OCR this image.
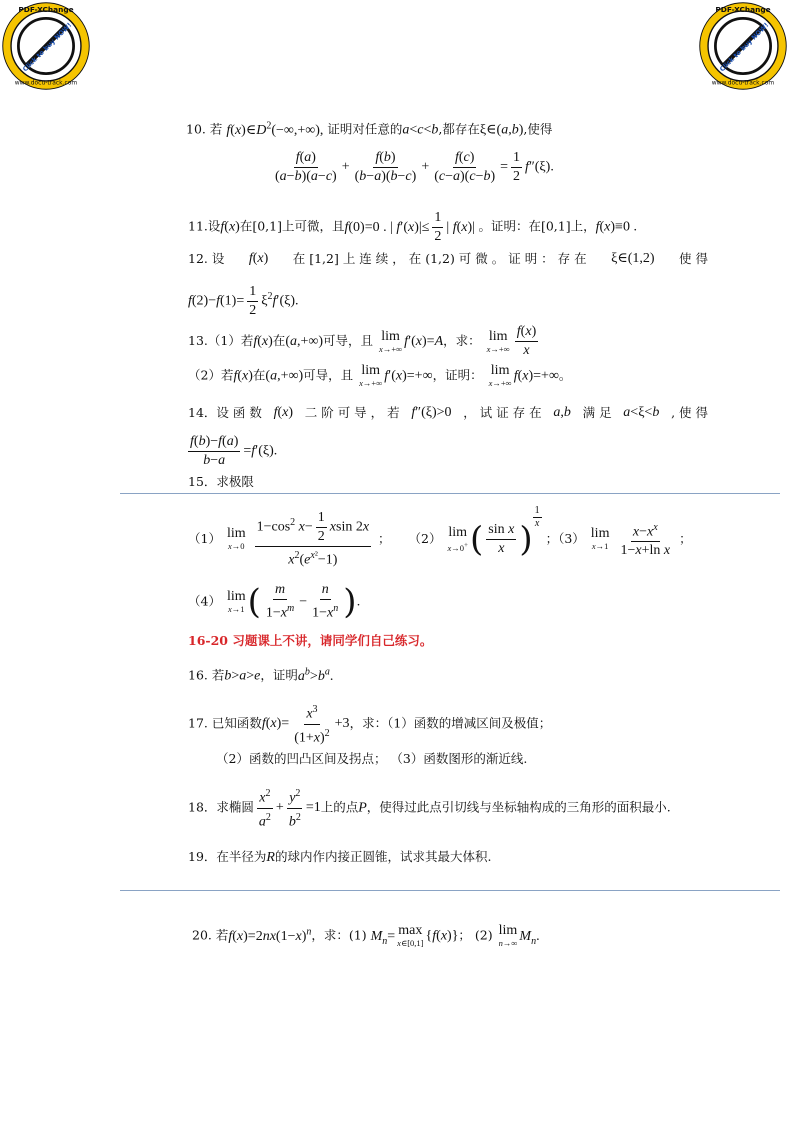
PDF-XChange
www.docu-track.com
Click to buy NOW!
PDF-XChange
www.docu-track.com
Click to buy NOW!
10. 若 $f(x)\in D^2(-\infty,+\infty)$, 证明对任意的a<c<b,都存在ξ∈(a,b),使得
$\frac{f(a)}{(a-b)(a-c)} + \frac{f(b)}{(b-a)(b-c)} + \frac{f(c)}{(c-a)(c-b)} = \frac{1}{2} f''(\xi)$.
11.设f(x)在[0,1]上可微，且f(0)=0 . | $f'(x)|\le \frac{1}{2}$ | f(x)| 。证明：在[0,1]上，f(x)≡0 .
12. 设 f(x) 在 [1,2] 上 连 续 ， 在 (1,2) 可 微 。 证 明 ： 存 在 ξ∈(1,2) 使 得
$f(2)-f(1)= \frac{1}{2} \xi^2f'(\xi)$.
13.（1）若f(x)在(a,+∞)可导，且 lim
x→+∞ f′(x)=A，求： lim
$x\to+\infty \frac{f(x)}{x}$
（2）若f(x)在(a,+∞)可导，且 lim
x→+∞ f′(x)=+∞，证明： lim
x→+∞ f(x)=+∞。
14．设 函 数 f(x) 二 阶 可 导 ， 若 f″(ξ)>0 ， 试 证 存 在 a,b 满 足 a<ξ<b , 使 得
$\frac{f(b)-f(a)}{b-a} =f'(\xi)$.
15．求极限
（1） lim
x→0
$\frac{1-\cos^2 x- \frac{1}{2} xsin 2x}{x^2(e^{x^2}-1)}$ ； （2） lim
x→0+ ( $\frac{\text{sin x}}{x}$ )
$^{\frac{1}{x}}$
；（3） lim
x→1
$\frac{x-x^x}{\text{1−x+ln x}}$ ；
（4） lim
x→1 ( $\frac{m}{1-x^m} - \frac{n}{1-x^n}$ ).
16-20 习题课上不讲，请同学们自己练习。
16. 若b>a>e，证明$a^b>b^a$.
17. 已知函数$f(x)= \frac{x^3}{(1+x)^2} +3$，求：（1）函数的增减区间及极值；
（2）函数的凹凸区间及拐点； （3）函数图形的渐近线.
18．求椭圆 $\frac{x^2}{a^2} + \frac{y^2}{b^2} =1$上的点P，使得过此点引切线与坐标轴构成的三角形的面积最小.
19．在半径为R的球内作内接正圆锥，试求其最大体积.
20. 若$f(x)=2nx(1-x)^n$，求：(1) $M_n= \max$
x∈[0,1] {f(x)}； (2) lim
n→∞ $M_n$.
